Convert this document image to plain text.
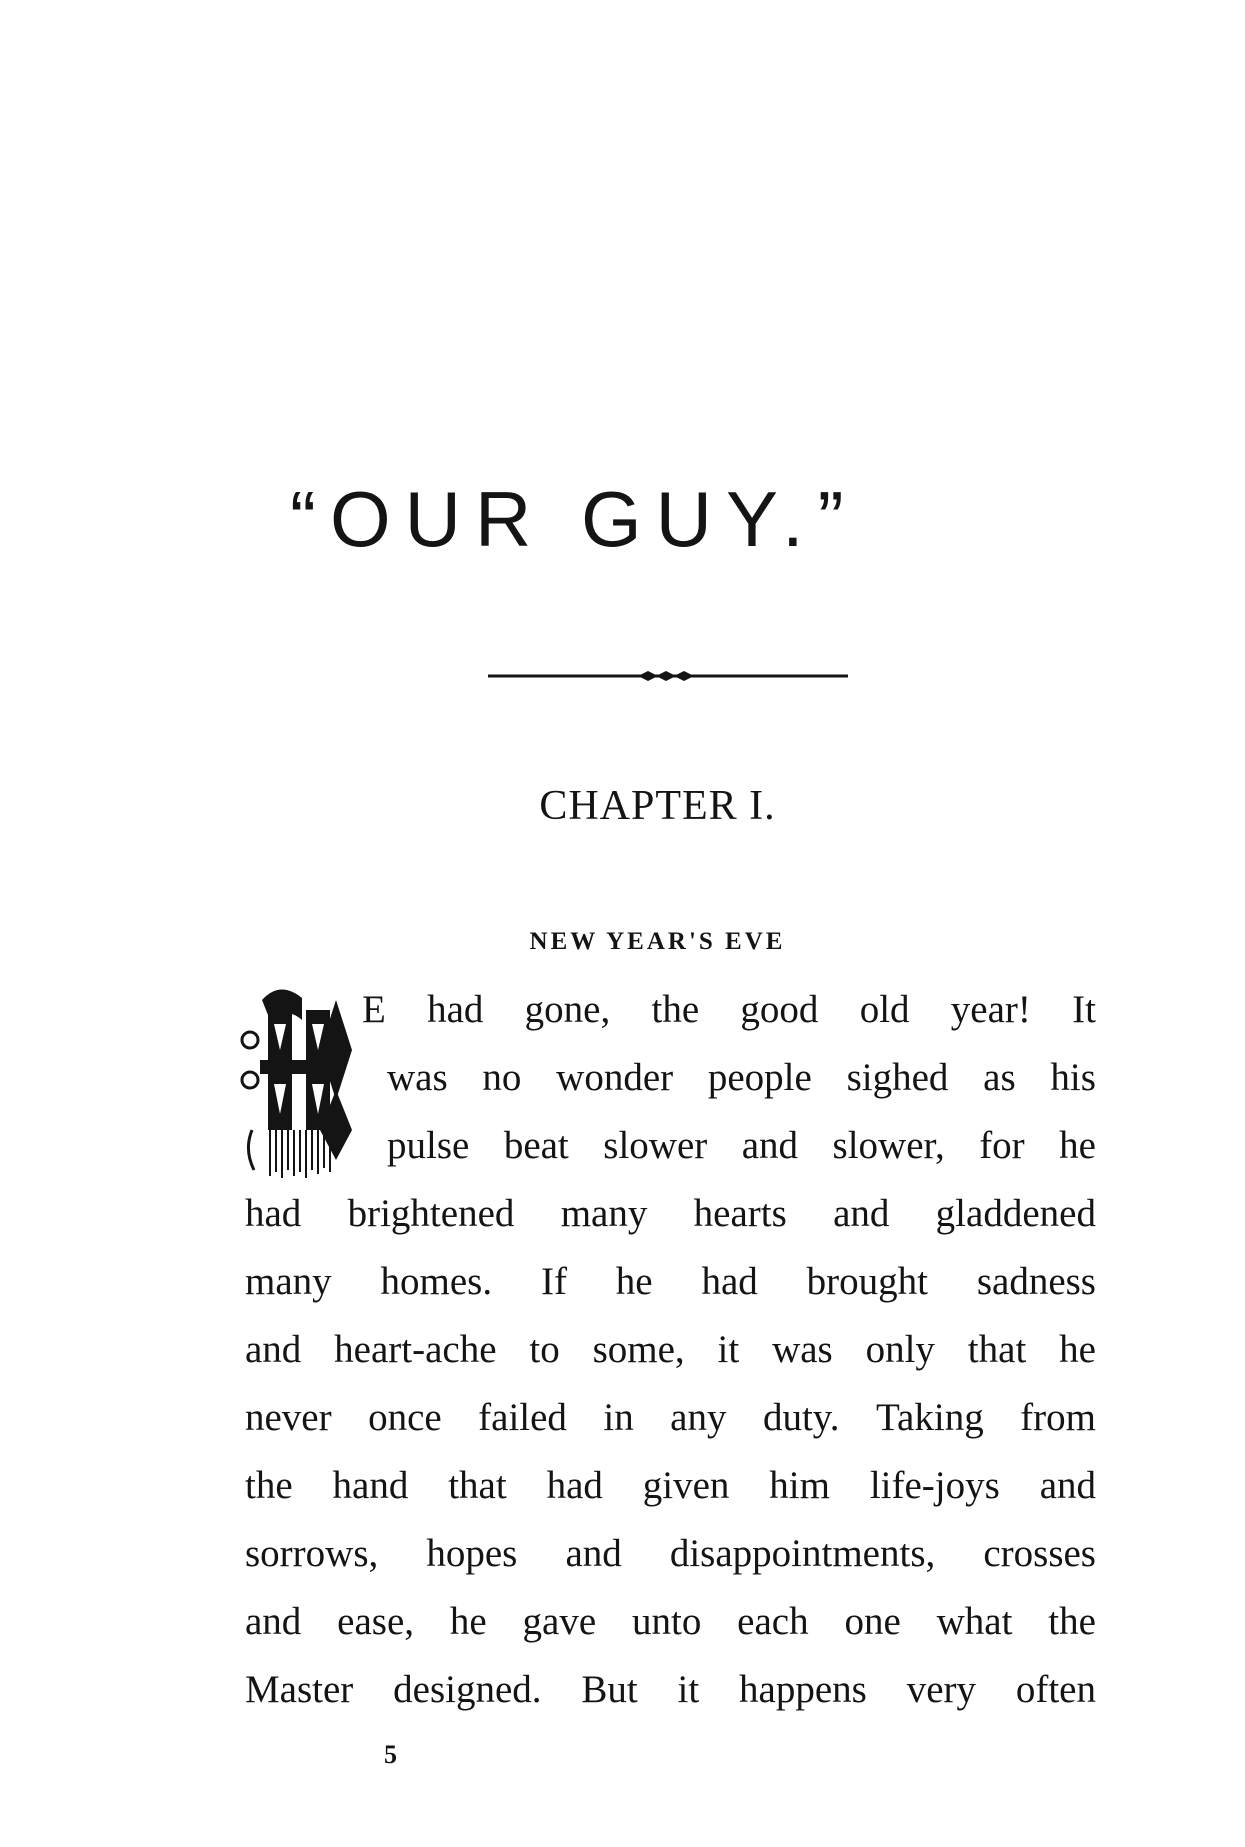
“OUR GUY.”
CHAPTER I.
NEW YEAR'S EVE
E had gone, the good old year! It
was no wonder people sighed as his
pulse beat slower and slower, for he
had brightened many hearts and gladdened
many homes. If he had brought sadness
and heart-ache to some, it was only that he
never once failed in any duty. Taking from
the hand that had given him life-joys and
sorrows, hopes and disappointments, crosses
and ease, he gave unto each one what the
Master designed. But it happens very often
5
